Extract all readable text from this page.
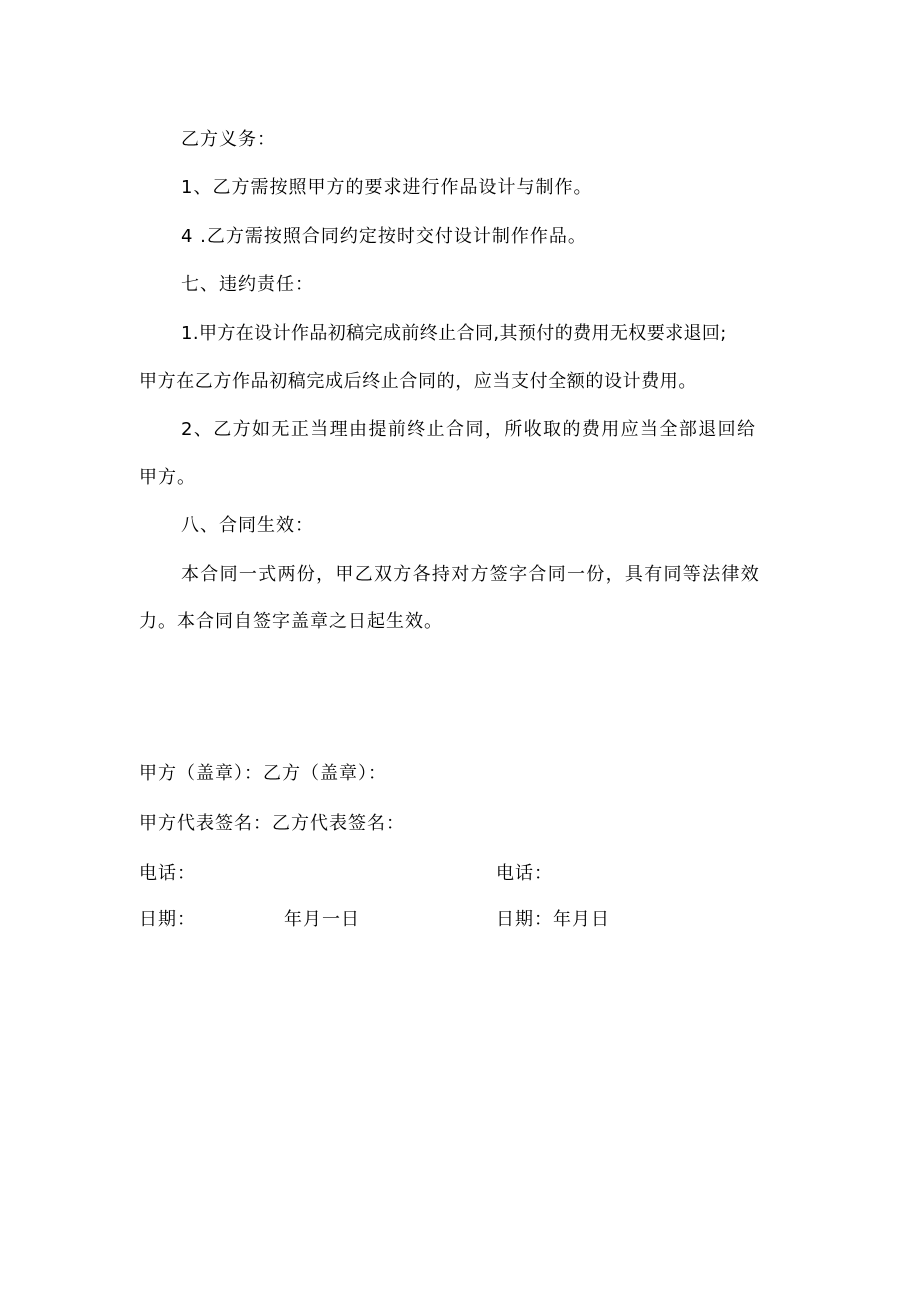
乙方义务：
1、乙方需按照甲方的要求进行作品设计与制作。
4 .乙方需按照合同约定按时交付设计制作作品。
七、违约责任：
1.甲方在设计作品初稿完成前终止合同,其预付的费用无权要求退回;
甲方在乙方作品初稿完成后终止合同的，应当支付全额的设计费用。
2、乙方如无正当理由提前终止合同，所收取的费用应当全部退回给
甲方。
八、合同生效：
本合同一式两份，甲乙双方各持对方签字合同一份，具有同等法律效
力。本合同自签字盖章之日起生效。
甲方（盖章）：乙方（盖章）：
甲方代表签名：乙方代表签名：
电话：	电话：
日期：	年月一日	日期：年月日
